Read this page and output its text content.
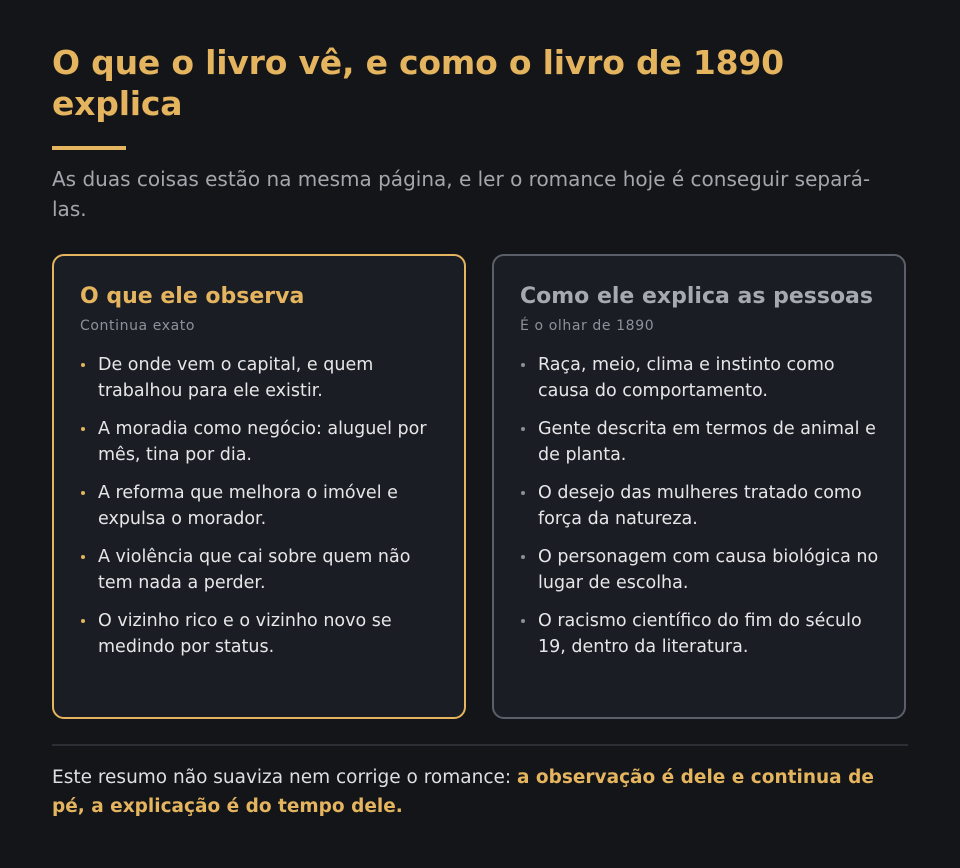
O que o livro vê, e como o livro de 1890 explica

As duas coisas estão na mesma página, e ler o romance hoje é conseguir separá-las.

O que ele observa

Continua exato

De onde vem o capital, e quem trabalhou para ele existir.
A moradia como negócio: aluguel por mês, tina por dia.
A reforma que melhora o imóvel e expulsa o morador.
A violência que cai sobre quem não tem nada a perder.
O vizinho rico e o vizinho novo se medindo por status.
Como ele explica as pessoas

É o olhar de 1890

Raça, meio, clima e instinto como causa do comportamento.
Gente descrita em termos de animal e de planta.
O desejo das mulheres tratado como força da natureza.
O personagem com causa biológica no lugar de escolha.
O racismo científico do fim do século 19, dentro da literatura.

Este resumo não suaviza nem corrige o romance: a observação é dele e continua de pé, a explicação é do tempo dele.
